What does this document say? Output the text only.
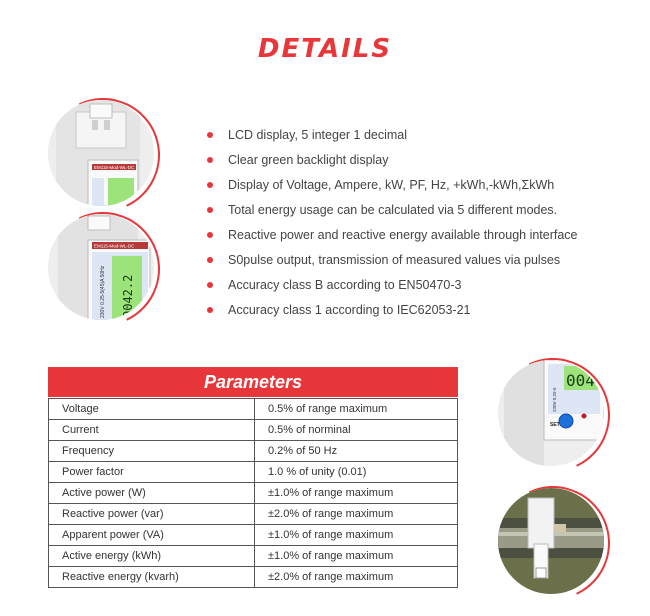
DETAILS
EM115-Mod-WL-DC
EM115-Mod-WL-DC
0042.2
230V 0.25-5(45)A 50Hz
LCD display, 5 integer 1 decimal
Clear green backlight display
Display of Voltage, Ampere, kW, PF, Hz, +kWh,-kWh,ΣkWh
Total energy usage can be calculated via 5 different modes.
Reactive power and reactive energy available through interface
S0pulse output, transmission of measured values via pulses
Accuracy class B according to EN50470-3
Accuracy class 1 according to IEC62053-21
Parameters
Voltage	0.5% of range maximum
Current	0.5% of norminal
Frequency	0.2% of 50 Hz
Power factor	1.0 % of unity (0.01)
Active power (W)	±1.0% of range maximum
Reactive power (var)	±2.0% of range maximum
Apparent power (VA)	±1.0% of range maximum
Active energy (kWh)	±1.0% of range maximum
Reactive energy (kvarh)	±2.0% of range maximum
004
230V 0.25-5
SET
